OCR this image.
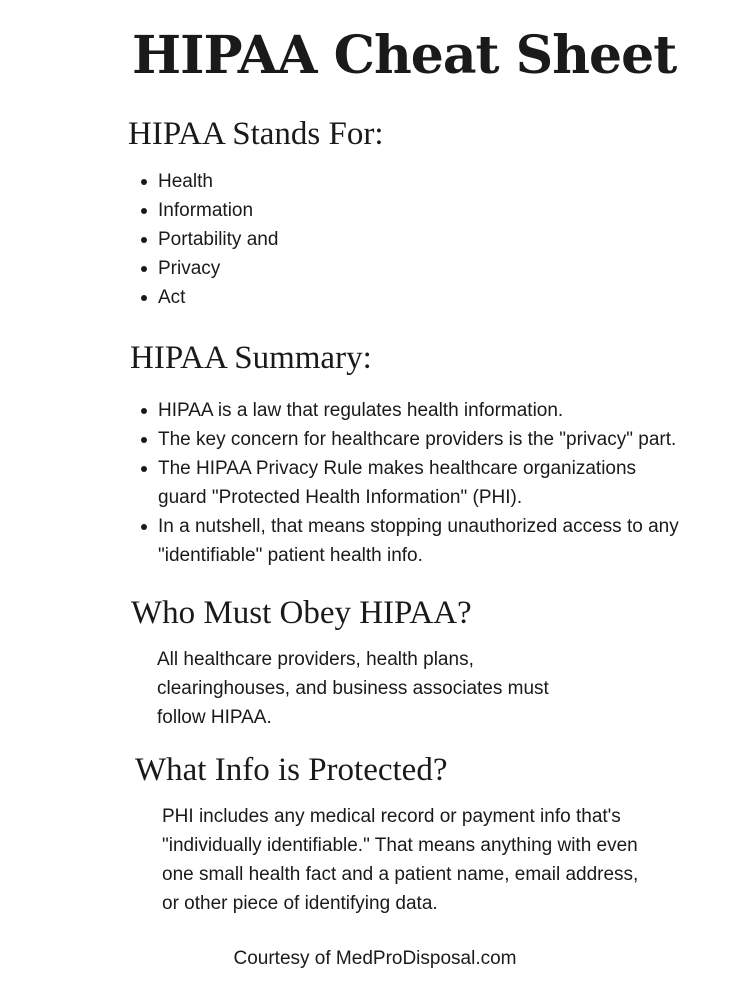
HIPAA Cheat Sheet
HIPAA Stands For:
Health
Information
Portability and
Privacy
Act
HIPAA Summary:
HIPAA is a law that regulates health information.
The key concern for healthcare providers is the "privacy" part.
The HIPAA Privacy Rule makes healthcare organizations guard "Protected Health Information" (PHI).
In a nutshell, that means stopping unauthorized access to any "identifiable" patient health info.
Who Must Obey HIPAA?

All healthcare providers, health plans, clearinghouses, and business associates must follow HIPAA.

What Info is Protected?

PHI includes any medical record or payment info that's "individually identifiable." That means anything with even one small health fact and a patient name, email address, or other piece of identifying data.

Courtesy of MedProDisposal.com
